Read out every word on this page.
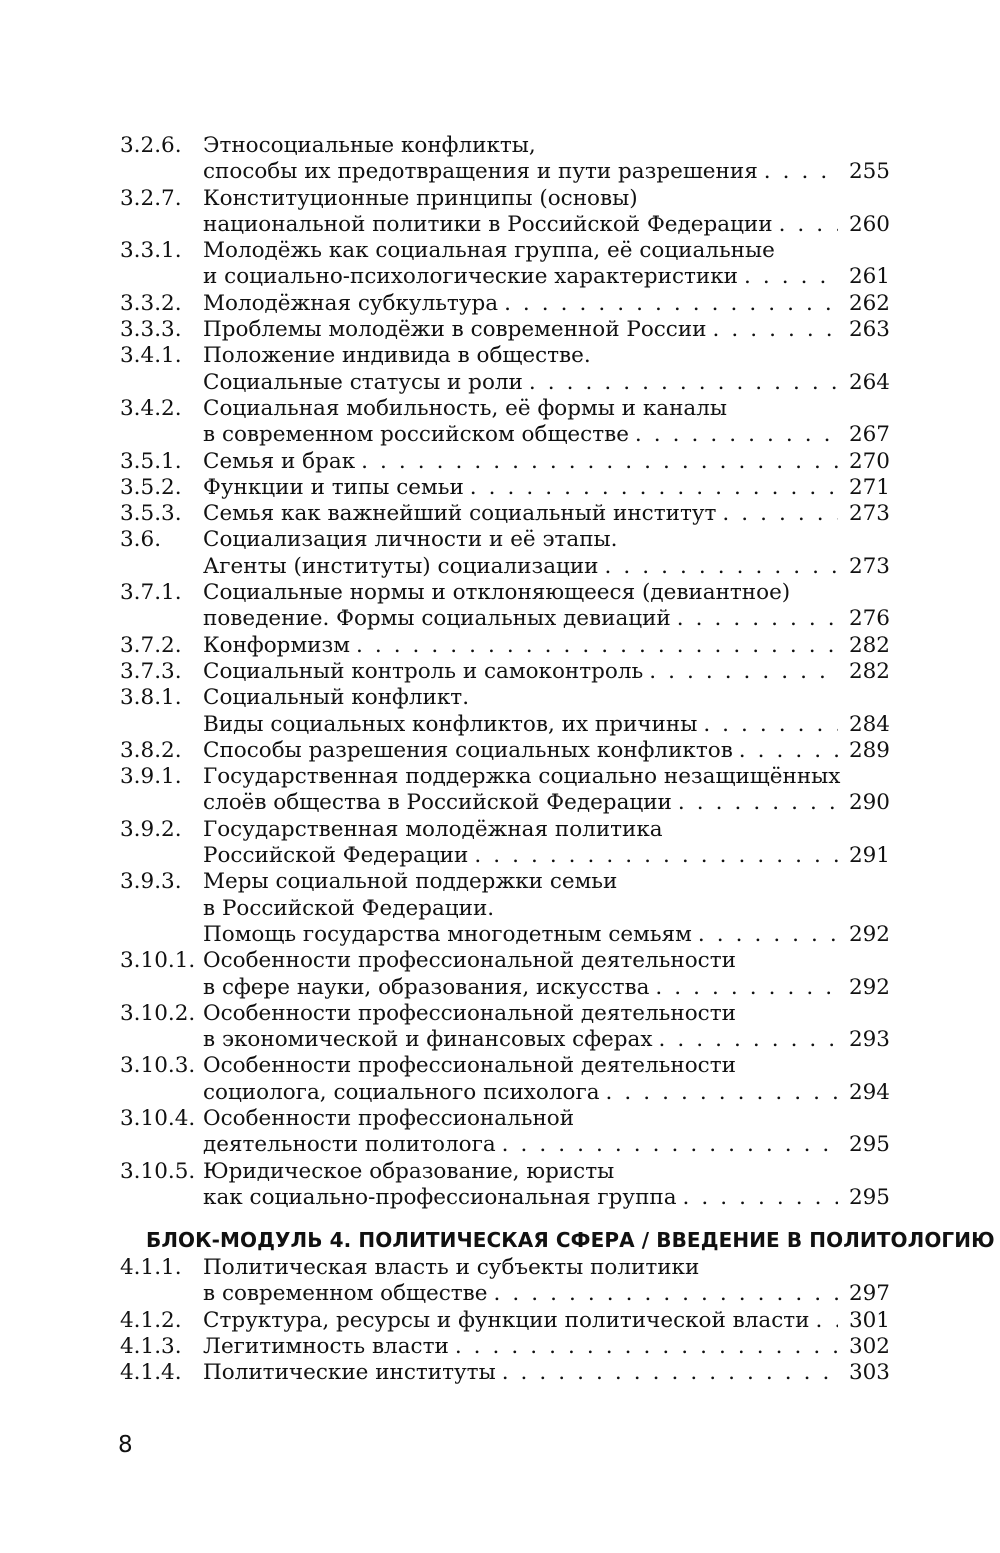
3.2.6. Этносоциальные конфликты,
способы их предотвращения и пути разрешения . . .	255
3.2.7. Конституционные принципы (основы)
национальной политики в Российской Федерации . . .	260
3.3.1. Молодёжь как социальная группа, её социальные
и социально-психологические характеристики . . .	261
3.3.2. Молодёжная субкультура . . .	262
3.3.3. Проблемы молодёжи в современной России . . .	263
3.4.1. Положение индивида в обществе.
Социальные статусы и роли . . .	264
3.4.2. Социальная мобильность, её формы и каналы
в современном российском обществе . . .	267
3.5.1. Семья и брак . . .	270
3.5.2. Функции и типы семьи . . .	271
3.5.3. Семья как важнейший социальный институт . . .	273
3.6.	Социализация личности и её этапы.
Агенты (институты) социализации . . .	273
3.7.1. Социальные нормы и отклоняющееся (девиантное)
поведение. Формы социальных девиаций . . .	276
3.7.2. Конформизм . . .	282
3.7.3. Социальный контроль и самоконтроль . . .	282
3.8.1. Социальный конфликт.
Виды социальных конфликтов, их причины . . .	284
3.8.2. Способы разрешения социальных конфликтов . . .	289
3.9.1. Государственная поддержка социально незащищённых
слоёв общества в Российской Федерации . . .	290
3.9.2. Государственная молодёжная политика
Российской Федерации . . .	291
3.9.3. Меры социальной поддержки семьи
в Российской Федерации.
Помощь государства многодетным семьям . . .	292
3.10.1. Особенности профессиональной деятельности
в сфере науки, образования, искусства . . .	292
3.10.2. Особенности профессиональной деятельности
в экономической и финансовых сферах . . .	293
3.10.3. Особенности профессиональной деятельности
социолога, социального психолога . . .	294
3.10.4. Особенности профессиональной
деятельности политолога . . .	295
3.10.5. Юридическое образование, юристы
как социально-профессиональная группа . . .	295
БЛОК-МОДУЛЬ 4. ПОЛИТИЧЕСКАЯ СФЕРА / ВВЕДЕНИЕ В ПОЛИТОЛОГИЮ
4.1.1. Политическая власть и субъекты политики
в современном обществе . . .	297
4.1.2. Структура, ресурсы и функции политической власти . . . 301
4.1.3. Легитимность власти . . .	302
4.1.4. Политические институты . . .	303
8
